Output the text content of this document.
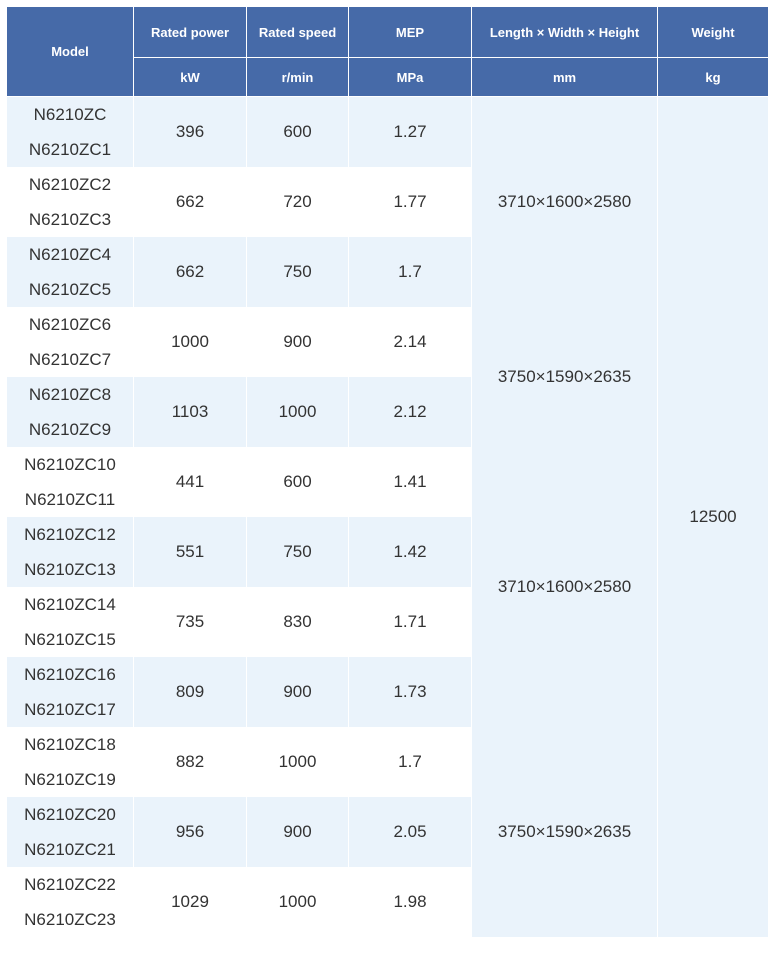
Model	Rated power	Rated speed	MEP	Length × Width × Height	Weight
	kW	r/min	MPa	mm	kg
N6210ZC	396	600	1.27	3710×1600×2580	12500
N6210ZC1					
N6210ZC2	662	720	1.77		
N6210ZC3					
N6210ZC4	662	750	1.7		
N6210ZC5					
N6210ZC6	1000	900	2.14	3750×1590×2635	
N6210ZC7					
N6210ZC8	1103	1000	2.12		
N6210ZC9					
N6210ZC10	441	600	1.41	3710×1600×2580	
N6210ZC11					
N6210ZC12	551	750	1.42		
N6210ZC13					
N6210ZC14	735	830	1.71		
N6210ZC15					
N6210ZC16	809	900	1.73		
N6210ZC17					
N6210ZC18	882	1000	1.7	3750×1590×2635	
N6210ZC19					
N6210ZC20	956	900	2.05		
N6210ZC21					
N6210ZC22	1029	1000	1.98		
N6210ZC23					
